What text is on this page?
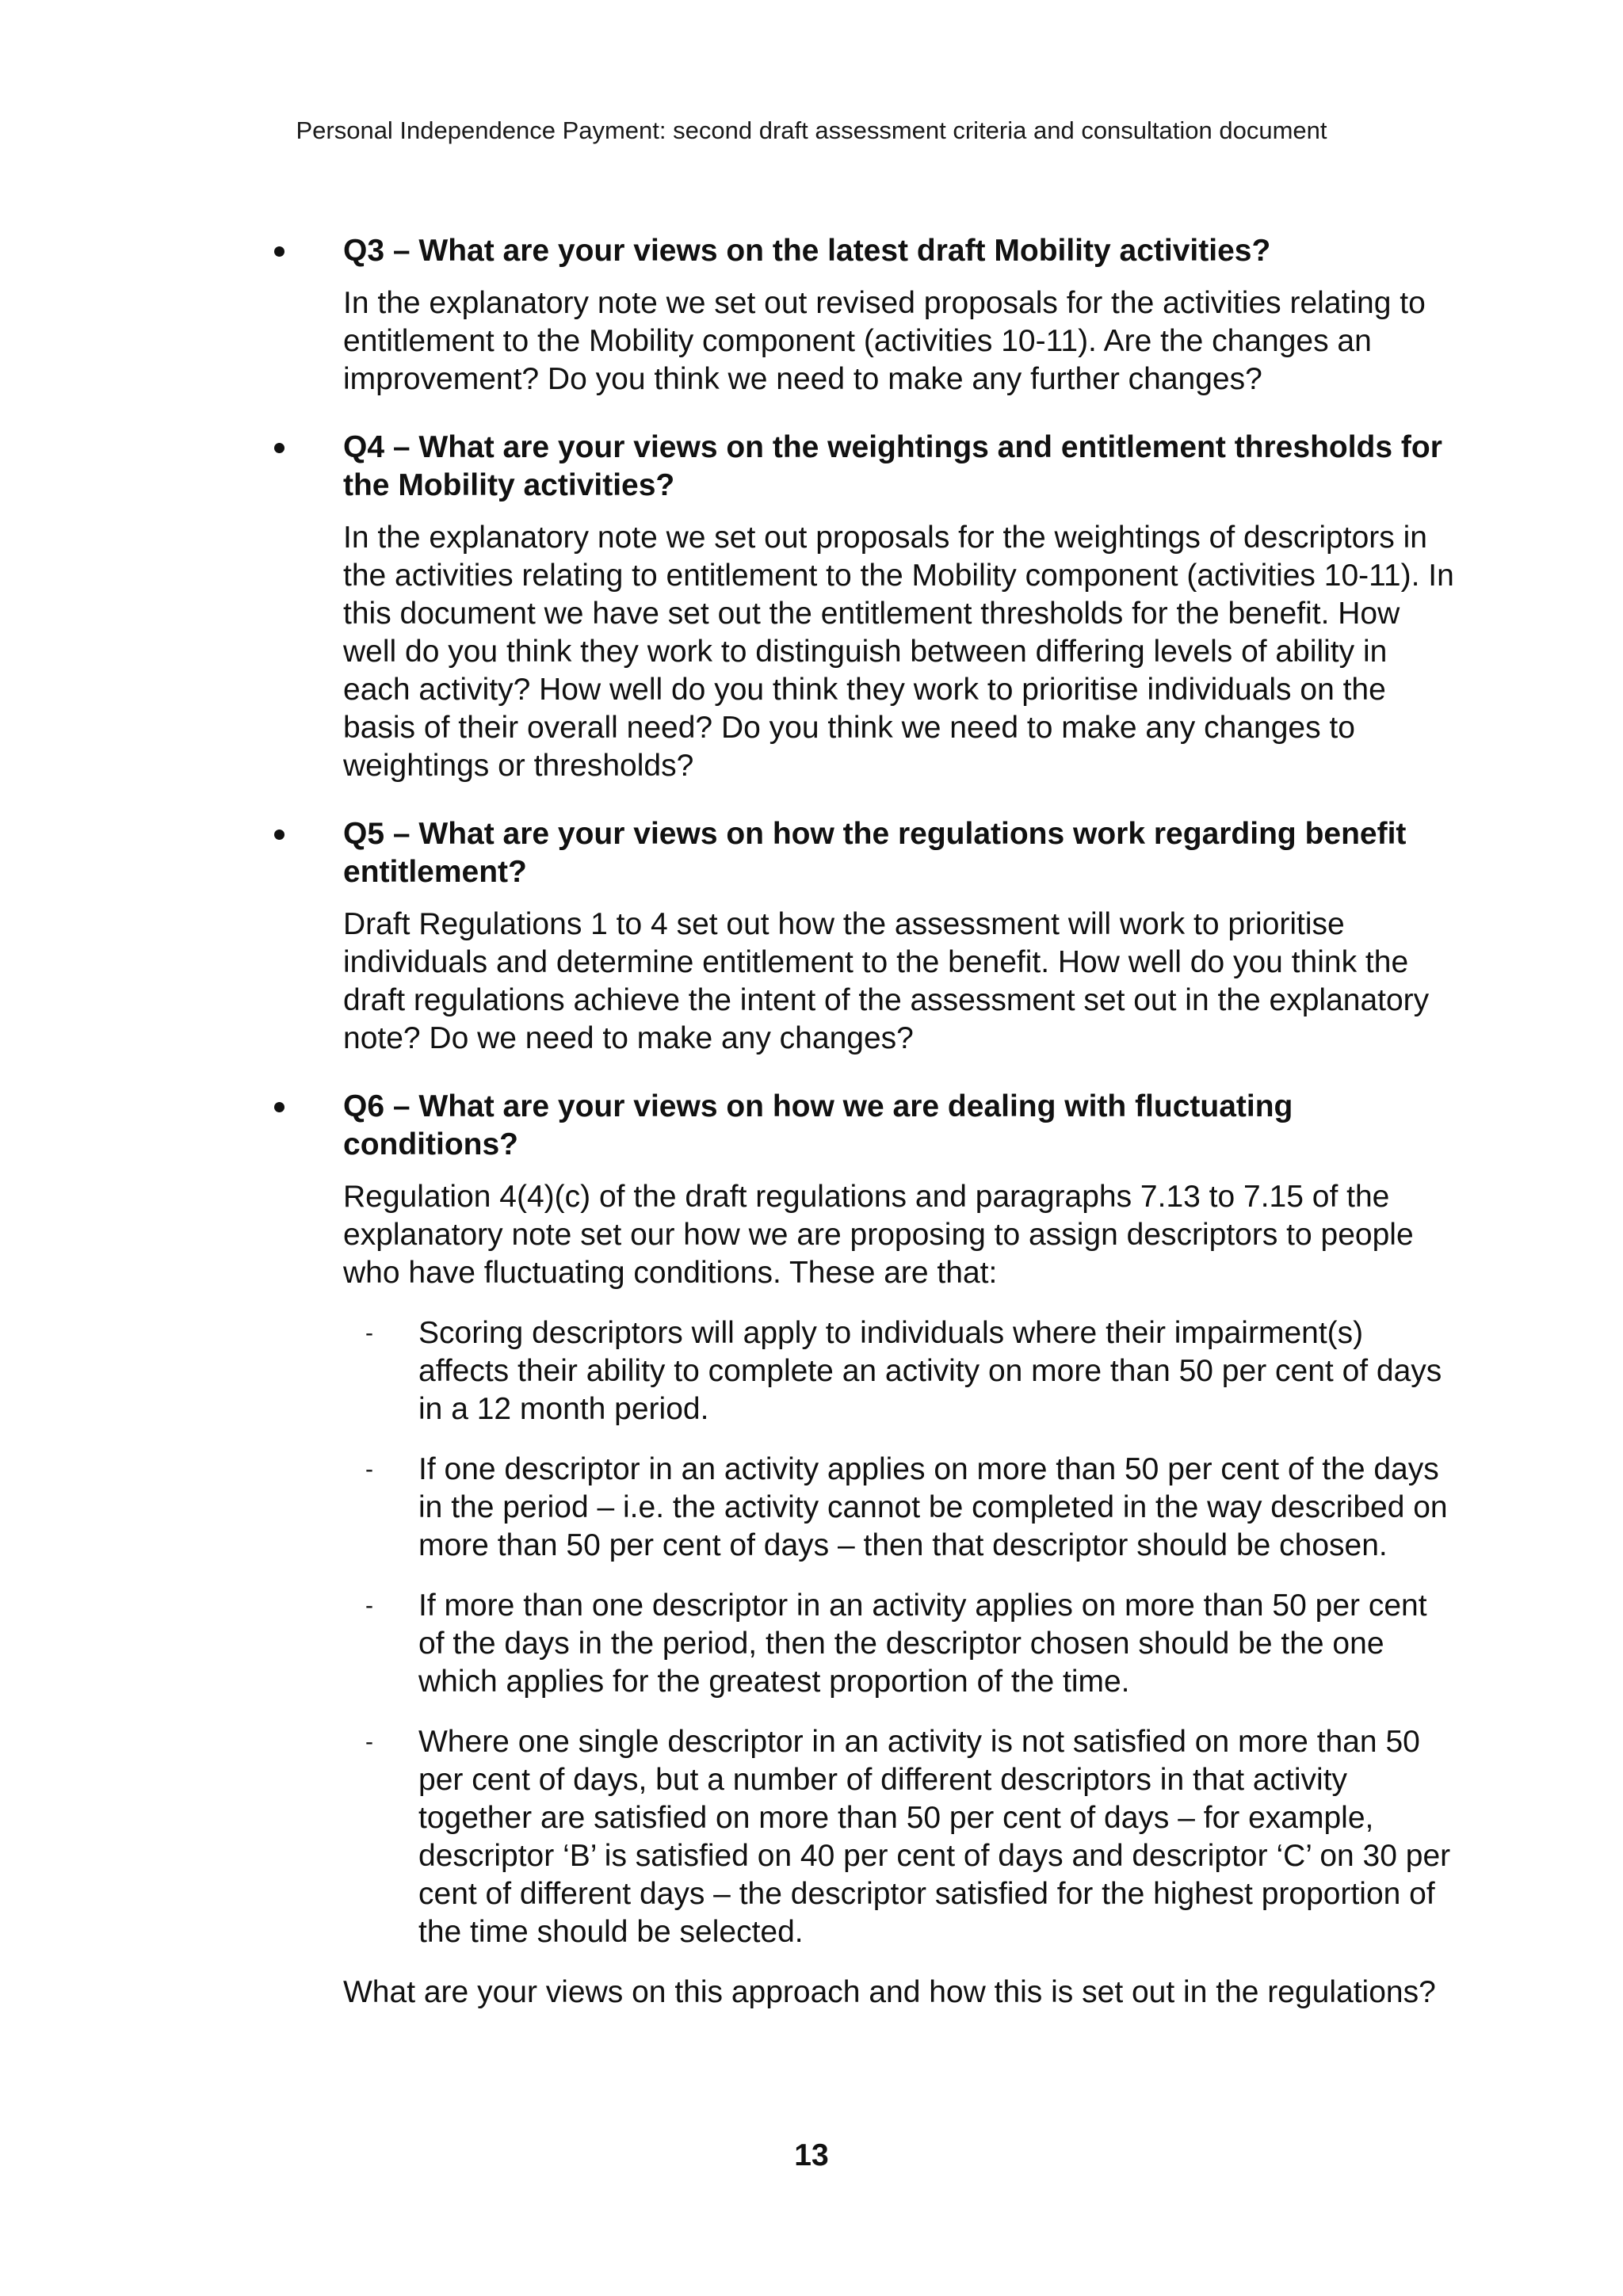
Personal Independence Payment: second draft assessment criteria and consultation document
Q3 – What are your views on the latest draft Mobility activities?
In the explanatory note we set out revised proposals for the activities relating to entitlement to the Mobility component (activities 10-11). Are the changes an improvement? Do you think we need to make any further changes?
Q4 – What are your views on the weightings and entitlement thresholds for the Mobility activities?
In the explanatory note we set out proposals for the weightings of descriptors in the activities relating to entitlement to the Mobility component (activities 10-11). In this document we have set out the entitlement thresholds for the benefit. How well do you think they work to distinguish between differing levels of ability in each activity? How well do you think they work to prioritise individuals on the basis of their overall need? Do you think we need to make any changes to weightings or thresholds?
Q5 – What are your views on how the regulations work regarding benefit entitlement?
Draft Regulations 1 to 4 set out how the assessment will work to prioritise individuals and determine entitlement to the benefit. How well do you think the draft regulations achieve the intent of the assessment set out in the explanatory note? Do we need to make any changes?
Q6 – What are your views on how we are dealing with fluctuating conditions?
Regulation 4(4)(c) of the draft regulations and paragraphs 7.13 to 7.15 of the explanatory note set our how we are proposing to assign descriptors to people who have fluctuating conditions. These are that:
- Scoring descriptors will apply to individuals where their impairment(s) affects their ability to complete an activity on more than 50 per cent of days in a 12 month period.
- If one descriptor in an activity applies on more than 50 per cent of the days in the period – i.e. the activity cannot be completed in the way described on more than 50 per cent of days – then that descriptor should be chosen.
- If more than one descriptor in an activity applies on more than 50 per cent of the days in the period, then the descriptor chosen should be the one which applies for the greatest proportion of the time.
- Where one single descriptor in an activity is not satisfied on more than 50 per cent of days, but a number of different descriptors in that activity together are satisfied on more than 50 per cent of days – for example, descriptor ‘B’ is satisfied on 40 per cent of days and descriptor ‘C’ on 30 per cent of different days – the descriptor satisfied for the highest proportion of the time should be selected.
What are your views on this approach and how this is set out in the regulations?
13
